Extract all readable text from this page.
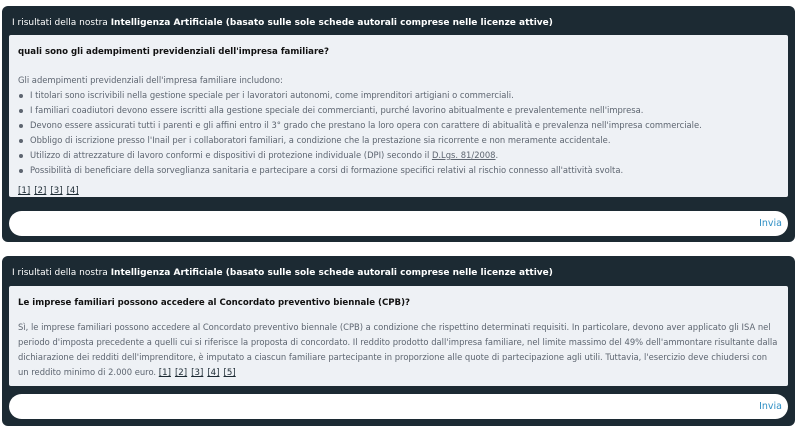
I risultati della nostra Intelligenza Artificiale (basato sulle sole schede autorali comprese nelle licenze attive)
quali sono gli adempimenti previdenziali dell'impresa familiare?
Gli adempimenti previdenziali dell'impresa familiare includono:
I titolari sono iscrivibili nella gestione speciale per i lavoratori autonomi, come imprenditori artigiani o commerciali.
I familiari coadiutori devono essere iscritti alla gestione speciale dei commercianti, purché lavorino abitualmente e prevalentemente nell'impresa.
Devono essere assicurati tutti i parenti e gli affini entro il 3° grado che prestano la loro opera con carattere di abitualità e prevalenza nell'impresa commerciale.
Obbligo di iscrizione presso l'Inail per i collaboratori familiari, a condizione che la prestazione sia ricorrente e non meramente accidentale.
Utilizzo di attrezzature di lavoro conformi e dispositivi di protezione individuale (DPI) secondo il D.Lgs. 81/2008.
Possibilità di beneficiare della sorveglianza sanitaria e partecipare a corsi di formazione specifici relativi al rischio connesso all'attività svolta.
[1] [2] [3] [4]
Invia
I risultati della nostra Intelligenza Artificiale (basato sulle sole schede autorali comprese nelle licenze attive)
Le imprese familiari possono accedere al Concordato preventivo biennale (CPB)?
Sì, le imprese familiari possono accedere al Concordato preventivo biennale (CPB) a condizione che rispettino determinati requisiti. In particolare, devono aver applicato gli ISA nel periodo d'imposta precedente a quelli cui si riferisce la proposta di concordato. Il reddito prodotto dall'impresa familiare, nel limite massimo del 49% dell'ammontare risultante dalla dichiarazione dei redditi dell'imprenditore, è imputato a ciascun familiare partecipante in proporzione alle quote di partecipazione agli utili. Tuttavia, l'esercizio deve chiudersi con un reddito minimo di 2.000 euro. [1] [2] [3] [4] [5]
Invia
